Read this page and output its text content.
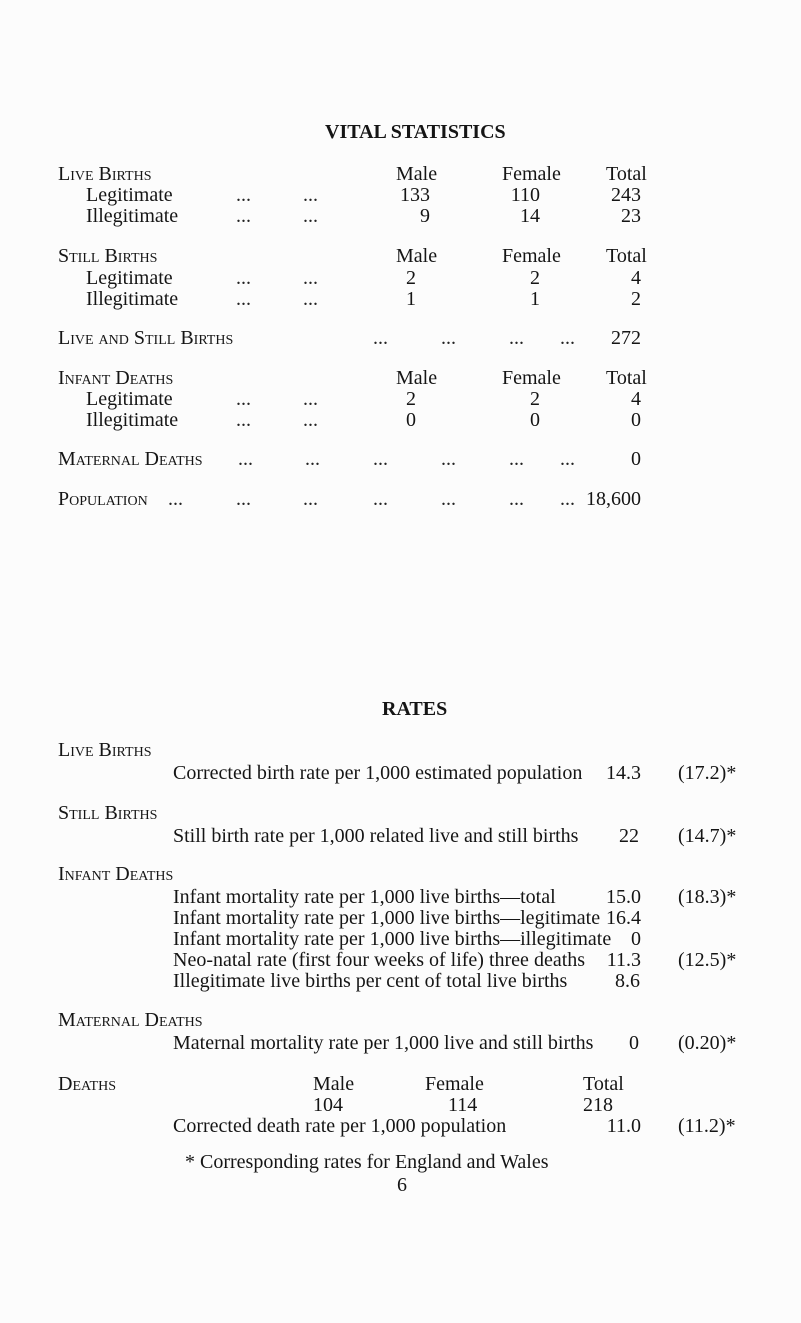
VITAL STATISTICS
Live Births	Male	Female Total
Legitimate	...	...	133	110	243
Illegitimate	...	...	9	14	23
Still Births	Male	Female Total
Legitimate	...	...	2	2	4
Illegitimate	...	...	1	1	2
Live and Still Births	...	...	... ...	272
Infant Deaths	Male	Female Total
Legitimate	...	...	2	2	4
Illegitimate	...	...	0	0	0
Maternal Deaths ...	...	...	...	... ...	0
Population ...	...	...	...	...	... ... 18,600
RATES
Live Births
Corrected birth rate per 1,000 estimated population	14.3 (17.2)*
Still Births
Still birth rate per 1,000 related live and still births	22 (14.7)*
Infant Deaths
Infant mortality rate per 1,000 live births—total	15.0 (18.3)*
Infant mortality rate per 1,000 live births—legitimate 16.4
Infant mortality rate per 1,000 live births—illegitimate 0
Neo-natal rate (first four weeks of life) three deaths	11.3 (12.5)*
Illegitimate live births per cent of total live births	8.6
Maternal Deaths
Maternal mortality rate per 1,000 live and still births	0 (0.20)*
Deaths	Male	Female	Total
104	114	218
Corrected death rate per 1,000 population	11.0 (11.2)*
* Corresponding rates for England and Wales
6
